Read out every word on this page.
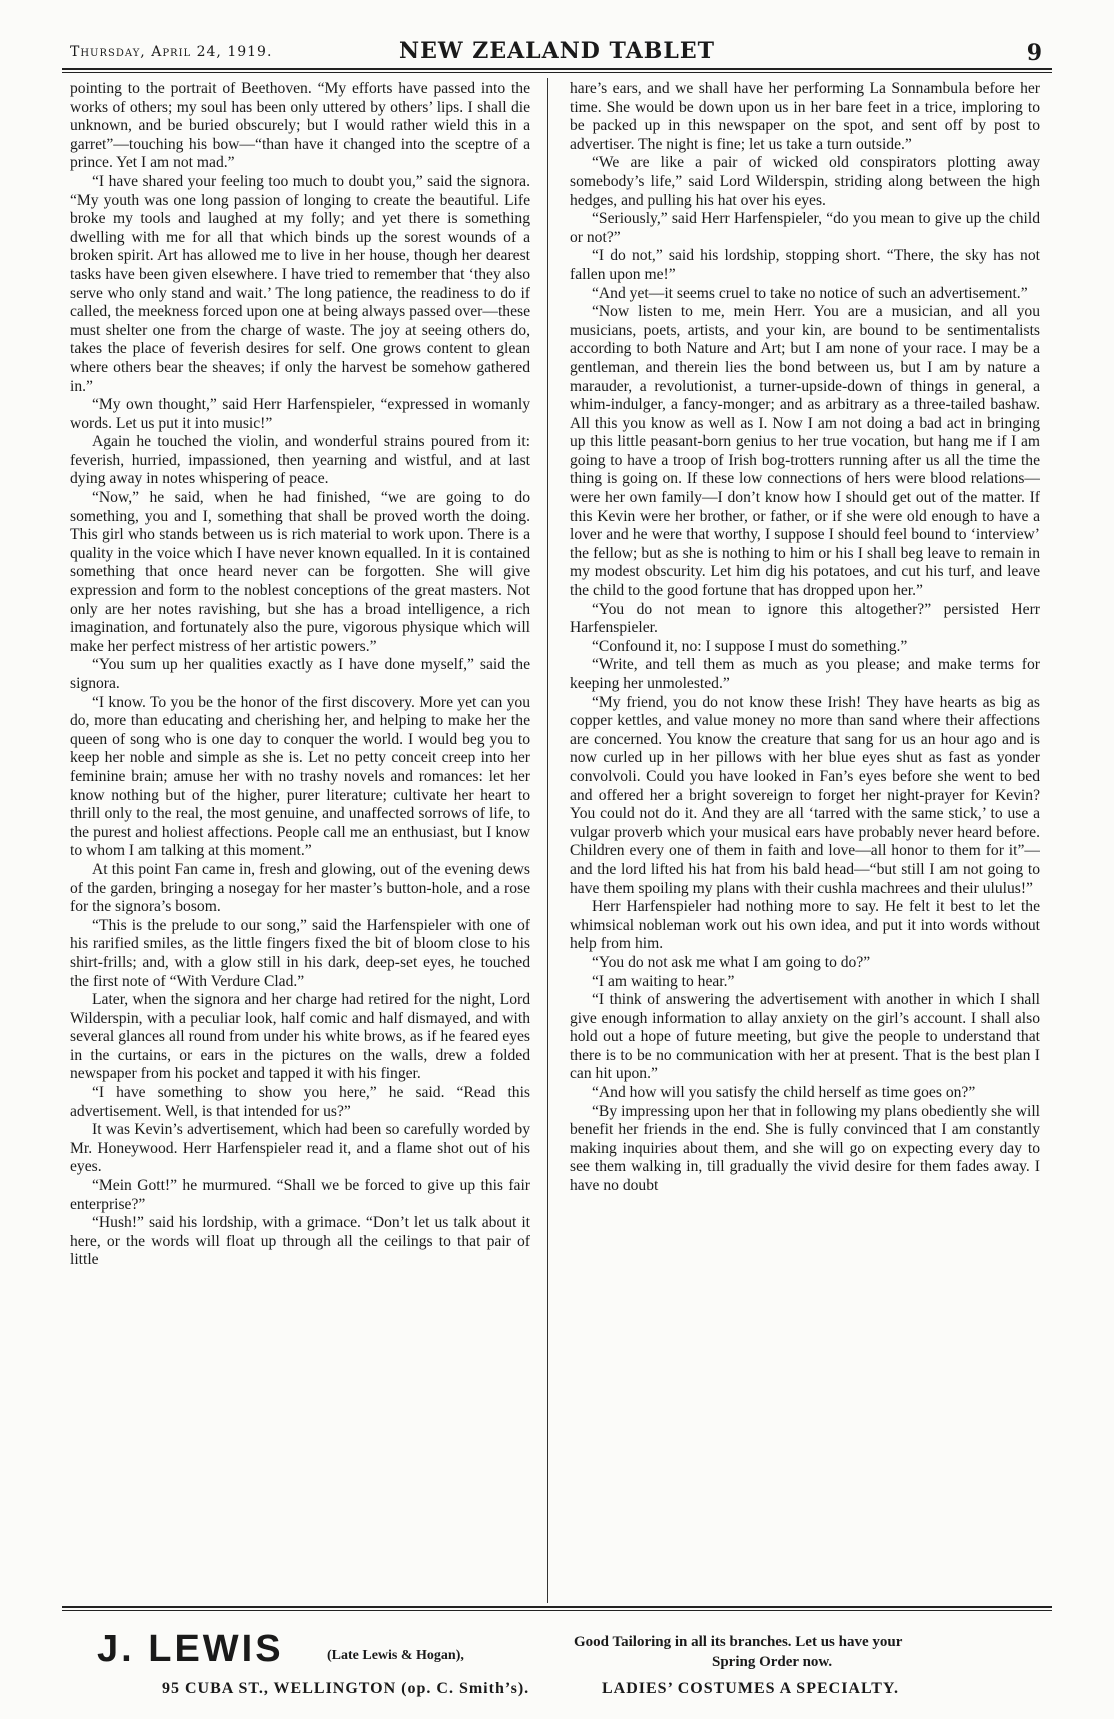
Thursday, April 24, 1919.	NEW ZEALAND TABLET	9

pointing to the portrait of Beethoven. “My efforts have passed into the works of others; my soul has been only uttered by others’ lips. I shall die unknown, and be buried obscurely; but I would rather wield this in a garret”—touching his bow—“than have it changed into the sceptre of a prince. Yet I am not mad.”

“I have shared your feeling too much to doubt you,” said the signora. “My youth was one long passion of longing to create the beautiful. Life broke my tools and laughed at my folly; and yet there is something dwelling with me for all that which binds up the sorest wounds of a broken spirit. Art has allowed me to live in her house, though her dearest tasks have been given elsewhere. I have tried to remember that ‘they also serve who only stand and wait.’ The long patience, the readiness to do if called, the meekness forced upon one at being always passed over—these must shelter one from the charge of waste. The joy at seeing others do, takes the place of feverish desires for self. One grows content to glean where others bear the sheaves; if only the harvest be somehow gathered in.”

“My own thought,” said Herr Harfenspieler, “expressed in womanly words. Let us put it into music!”

Again he touched the violin, and wonderful strains poured from it: feverish, hurried, impassioned, then yearning and wistful, and at last dying away in notes whispering of peace.

“Now,” he said, when he had finished, “we are going to do something, you and I, something that shall be proved worth the doing. This girl who stands between us is rich material to work upon. There is a quality in the voice which I have never known equalled. In it is contained something that once heard never can be forgotten. She will give expression and form to the noblest conceptions of the great masters. Not only are her notes ravishing, but she has a broad intelligence, a rich imagination, and fortunately also the pure, vigorous physique which will make her perfect mistress of her artistic powers.”

“You sum up her qualities exactly as I have done myself,” said the signora.

“I know. To you be the honor of the first discovery. More yet can you do, more than educating and cherishing her, and helping to make her the queen of song who is one day to conquer the world. I would beg you to keep her noble and simple as she is. Let no petty conceit creep into her feminine brain; amuse her with no trashy novels and romances: let her know nothing but of the higher, purer literature; cultivate her heart to thrill only to the real, the most genuine, and unaffected sorrows of life, to the purest and holiest affections. People call me an enthusiast, but I know to whom I am talking at this moment.”

At this point Fan came in, fresh and glowing, out of the evening dews of the garden, bringing a nosegay for her master’s button-hole, and a rose for the signora’s bosom.

“This is the prelude to our song,” said the Harfenspieler with one of his rarified smiles, as the little fingers fixed the bit of bloom close to his shirt-frills; and, with a glow still in his dark, deep-set eyes, he touched the first note of “With Verdure Clad.”

Later, when the signora and her charge had retired for the night, Lord Wilderspin, with a peculiar look, half comic and half dismayed, and with several glances all round from under his white brows, as if he feared eyes in the curtains, or ears in the pictures on the walls, drew a folded newspaper from his pocket and tapped it with his finger.

“I have something to show you here,” he said. “Read this advertisement. Well, is that intended for us?”

It was Kevin’s advertisement, which had been so carefully worded by Mr. Honeywood. Herr Harfenspieler read it, and a flame shot out of his eyes.

“Mein Gott!” he murmured. “Shall we be forced to give up this fair enterprise?”

“Hush!” said his lordship, with a grimace. “Don’t let us talk about it here, or the words will float up through all the ceilings to that pair of little

hare’s ears, and we shall have her performing La Sonnambula before her time. She would be down upon us in her bare feet in a trice, imploring to be packed up in this newspaper on the spot, and sent off by post to advertiser. The night is fine; let us take a turn outside.”

“We are like a pair of wicked old conspirators plotting away somebody’s life,” said Lord Wilderspin, striding along between the high hedges, and pulling his hat over his eyes.

“Seriously,” said Herr Harfenspieler, “do you mean to give up the child or not?”

“I do not,” said his lordship, stopping short. “There, the sky has not fallen upon me!”

“And yet—it seems cruel to take no notice of such an advertisement.”

“Now listen to me, mein Herr. You are a musician, and all you musicians, poets, artists, and your kin, are bound to be sentimentalists according to both Nature and Art; but I am none of your race. I may be a gentleman, and therein lies the bond between us, but I am by nature a marauder, a revolutionist, a turner-upside-down of things in general, a whim-indulger, a fancy-monger; and as arbitrary as a three-tailed bashaw. All this you know as well as I. Now I am not doing a bad act in bringing up this little peasant-born genius to her true vocation, but hang me if I am going to have a troop of Irish bog-trotters running after us all the time the thing is going on. If these low connections of hers were blood relations—were her own family—I don’t know how I should get out of the matter. If this Kevin were her brother, or father, or if she were old enough to have a lover and he were that worthy, I suppose I should feel bound to ‘interview’ the fellow; but as she is nothing to him or his I shall beg leave to remain in my modest obscurity. Let him dig his potatoes, and cut his turf, and leave the child to the good fortune that has dropped upon her.”

“You do not mean to ignore this altogether?” persisted Herr Harfenspieler.

“Confound it, no: I suppose I must do something.”

“Write, and tell them as much as you please; and make terms for keeping her unmolested.”

“My friend, you do not know these Irish! They have hearts as big as copper kettles, and value money no more than sand where their affections are concerned. You know the creature that sang for us an hour ago and is now curled up in her pillows with her blue eyes shut as fast as yonder convolvoli. Could you have looked in Fan’s eyes before she went to bed and offered her a bright sovereign to forget her night-prayer for Kevin? You could not do it. And they are all ‘tarred with the same stick,’ to use a vulgar proverb which your musical ears have probably never heard before. Children every one of them in faith and love—all honor to them for it”—and the lord lifted his hat from his bald head—“but still I am not going to have them spoiling my plans with their cushla machrees and their ululus!”

Herr Harfenspieler had nothing more to say. He felt it best to let the whimsical nobleman work out his own idea, and put it into words without help from him.

“You do not ask me what I am going to do?”

“I am waiting to hear.”

“I think of answering the advertisement with another in which I shall give enough information to allay anxiety on the girl’s account. I shall also hold out a hope of future meeting, but give the people to understand that there is to be no communication with her at present. That is the best plan I can hit upon.”

“And how will you satisfy the child herself as time goes on?”

“By impressing upon her that in following my plans obediently she will benefit her friends in the end. She is fully convinced that I am constantly making inquiries about them, and she will go on expecting every day to see them walking in, till gradually the vivid desire for them fades away. I have no doubt

J. LEWIS	(Late Lewis & Hogan),
95 CUBA ST., WELLINGTON (op. C. Smith’s).
Good Tailoring in all its branches. Let us have your
Spring Order now.
LADIES’ COSTUMES A SPECIALTY.
